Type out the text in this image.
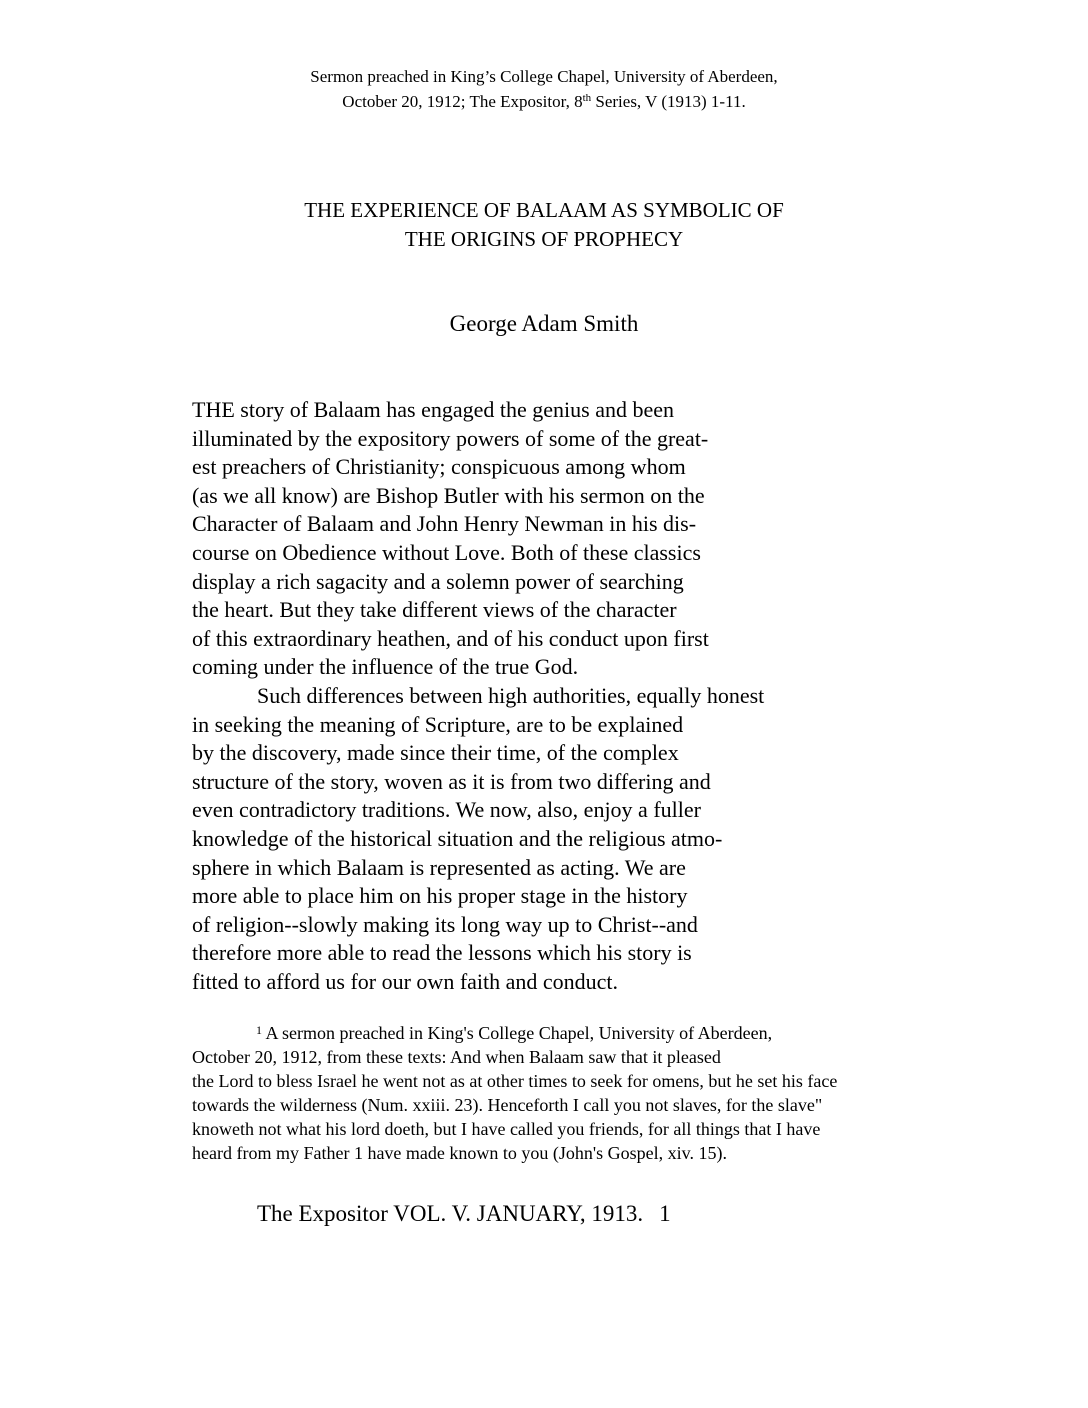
Sermon preached in King’s College Chapel, University of Aberdeen,
October 20, 1912; The Expositor, 8th Series, V (1913) 1-11.
THE EXPERIENCE OF BALAAM AS SYMBOLIC OF
THE ORIGINS OF PROPHECY
George Adam Smith
THE story of Balaam has engaged the genius and been
illuminated by the expository powers of some of the great-
est preachers of Christianity; conspicuous among whom
(as we all know) are Bishop Butler with his sermon on the
Character of Balaam and John Henry Newman in his dis-
course on Obedience without Love. Both of these classics
display a rich sagacity and a solemn power of searching
the heart. But they take different views of the character
of this extraordinary heathen, and of his conduct upon first
coming under the influence of the true God.
Such differences between high authorities, equally honest
in seeking the meaning of Scripture, are to be explained
by the discovery, made since their time, of the complex
structure of the story, woven as it is from two differing and
even contradictory traditions. We now, also, enjoy a fuller
knowledge of the historical situation and the religious atmo-
sphere in which Balaam is represented as acting. We are
more able to place him on his proper stage in the history
of religion--slowly making its long way up to Christ--and
therefore more able to read the lessons which his story is
fitted to afford us for our own faith and conduct.
$^1$ A sermon preached in King's College Chapel, University of Aberdeen,
October 20, 1912, from these texts: And when Balaam saw that it pleased
the Lord to bless Israel he went not as at other times to seek for omens, but he set his face
towards the wilderness (Num. xxiii. 23). Henceforth I call you not slaves, for the slave"
knoweth not what his lord doeth, but I have called you friends, for all things that I have
heard from my Father 1 have made known to you (John's Gospel, xiv. 15).
The Expositor VOL. V. JANUARY, 1913. 1
